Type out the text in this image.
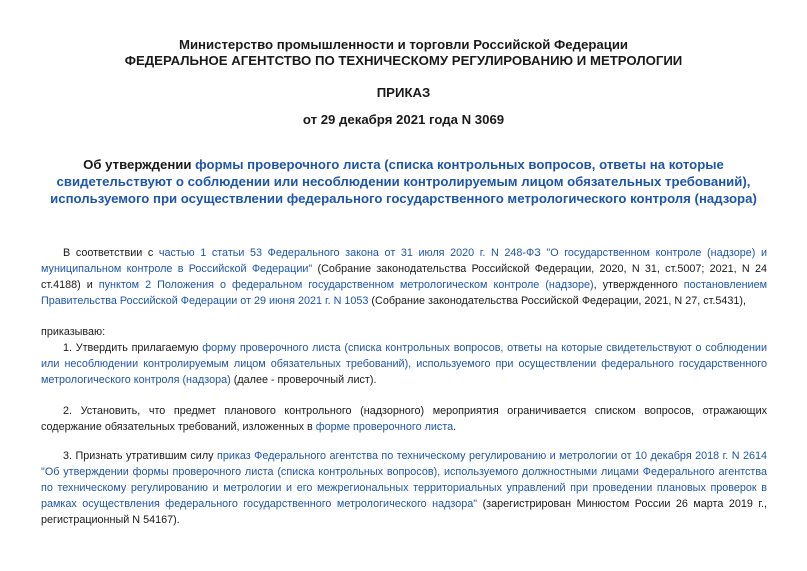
Министерство промышленности и торговли Российской Федерации
ФЕДЕРАЛЬНОЕ АГЕНТСТВО ПО ТЕХНИЧЕСКОМУ РЕГУЛИРОВАНИЮ И МЕТРОЛОГИИ
ПРИКАЗ
от 29 декабря 2021 года N 3069
Об утверждении формы проверочного листа (списка контрольных вопросов, ответы на которые
свидетельствуют о соблюдении или несоблюдении контролируемым лицом обязательных требований),
используемого при осуществлении федерального государственного метрологического контроля (надзора)
В соответствии с частью 1 статьи 53 Федерального закона от 31 июля 2020 г. N 248-ФЗ "О государственном контроле (надзоре) и
муниципальном контроле в Российской Федерации" (Собрание законодательства Российской Федерации, 2020, N 31, ст.5007; 2021, N 24
ст.4188) и пунктом 2 Положения о федеральном государственном метрологическом контроле (надзоре), утвержденного постановлением
Правительства Российской Федерации от 29 июня 2021 г. N 1053 (Собрание законодательства Российской Федерации, 2021, N 27, ст.5431),
приказываю:
1. Утвердить прилагаемую форму проверочного листа (списка контрольных вопросов, ответы на которые свидетельствуют о соблюдении
или несоблюдении контролируемым лицом обязательных требований), используемого при осуществлении федерального государственного
метрологического контроля (надзора) (далее - проверочный лист).
2. Установить, что предмет планового контрольного (надзорного) мероприятия ограничивается списком вопросов, отражающих
содержание обязательных требований, изложенных в форме проверочного листа.
3. Признать утратившим силу приказ Федерального агентства по техническому регулированию и метрологии от 10 декабря 2018 г. N 2614
"Об утверждении формы проверочного листа (списка контрольных вопросов), используемого должностными лицами Федерального агентства
по техническому регулированию и метрологии и его межрегиональных территориальных управлений при проведении плановых проверок в
рамках осуществления федерального государственного метрологического надзора" (зарегистрирован Минюстом России 26 марта 2019 г.,
регистрационный N 54167).
